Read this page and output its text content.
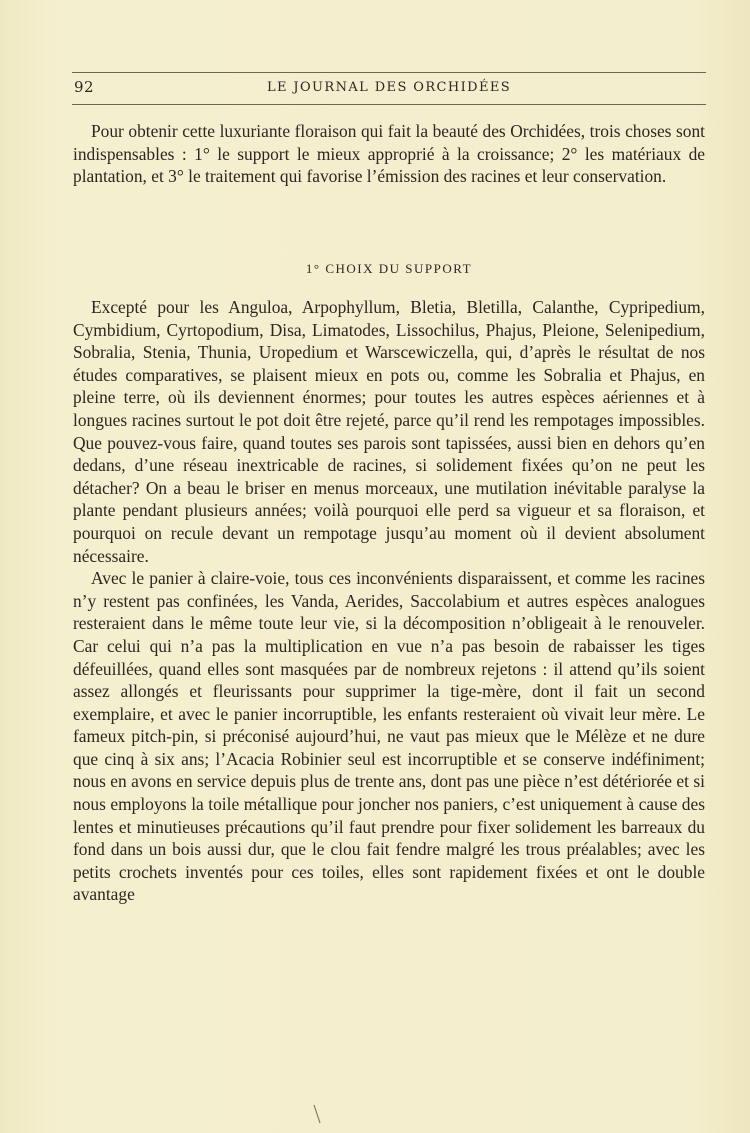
92	LE JOURNAL DES ORCHIDÉES

Pour obtenir cette luxuriante floraison qui fait la beauté des Orchidées, trois choses sont indispensables : 1° le support le mieux approprié à la croissance; 2° les matériaux de plantation, et 3° le traitement qui favorise l’émission des racines et leur conservation.

1° CHOIX DU SUPPORT

Excepté pour les Anguloa, Arpophyllum, Bletia, Bletilla, Calanthe, Cypripedium, Cymbidium, Cyrtopodium, Disa, Limatodes, Lissochilus, Phajus, Pleione, Selenipedium, Sobralia, Stenia, Thunia, Uropedium et Warscewiczella, qui, d’après le résultat de nos études comparatives, se plaisent mieux en pots ou, comme les Sobralia et Phajus, en pleine terre, où ils deviennent énormes; pour toutes les autres espèces aériennes et à longues racines surtout le pot doit être rejeté, parce qu’il rend les rempotages impossibles. Que pouvez-vous faire, quand toutes ses parois sont tapissées, aussi bien en dehors qu’en dedans, d’une réseau inextricable de racines, si solidement fixées qu’on ne peut les détacher? On a beau le briser en menus morceaux, une mutilation inévitable paralyse la plante pendant plusieurs années; voilà pourquoi elle perd sa vigueur et sa floraison, et pourquoi on recule devant un rempotage jusqu’au moment où il devient absolument nécessaire.

Avec le panier à claire-voie, tous ces inconvénients disparaissent, et comme les racines n’y restent pas confinées, les Vanda, Aerides, Saccolabium et autres espèces analogues resteraient dans le même toute leur vie, si la décomposition n’obligeait à le renouveler. Car celui qui n’a pas la multiplication en vue n’a pas besoin de rabaisser les tiges défeuillées, quand elles sont masquées par de nombreux rejetons : il attend qu’ils soient assez allongés et fleurissants pour supprimer la tige-mère, dont il fait un second exemplaire, et avec le panier incorruptible, les enfants resteraient où vivait leur mère. Le fameux pitch-pin, si préconisé aujourd’hui, ne vaut pas mieux que le Mélèze et ne dure que cinq à six ans; l’Acacia Robinier seul est incorruptible et se conserve indéfiniment; nous en avons en service depuis plus de trente ans, dont pas une pièce n’est détériorée et si nous employons la toile métallique pour joncher nos paniers, c’est uniquement à cause des lentes et minutieuses précautions qu’il faut prendre pour fixer solidement les barreaux du fond dans un bois aussi dur, que le clou fait fendre malgré les trous préalables; avec les petits crochets inventés pour ces toiles, elles sont rapidement fixées et ont le double avantage
